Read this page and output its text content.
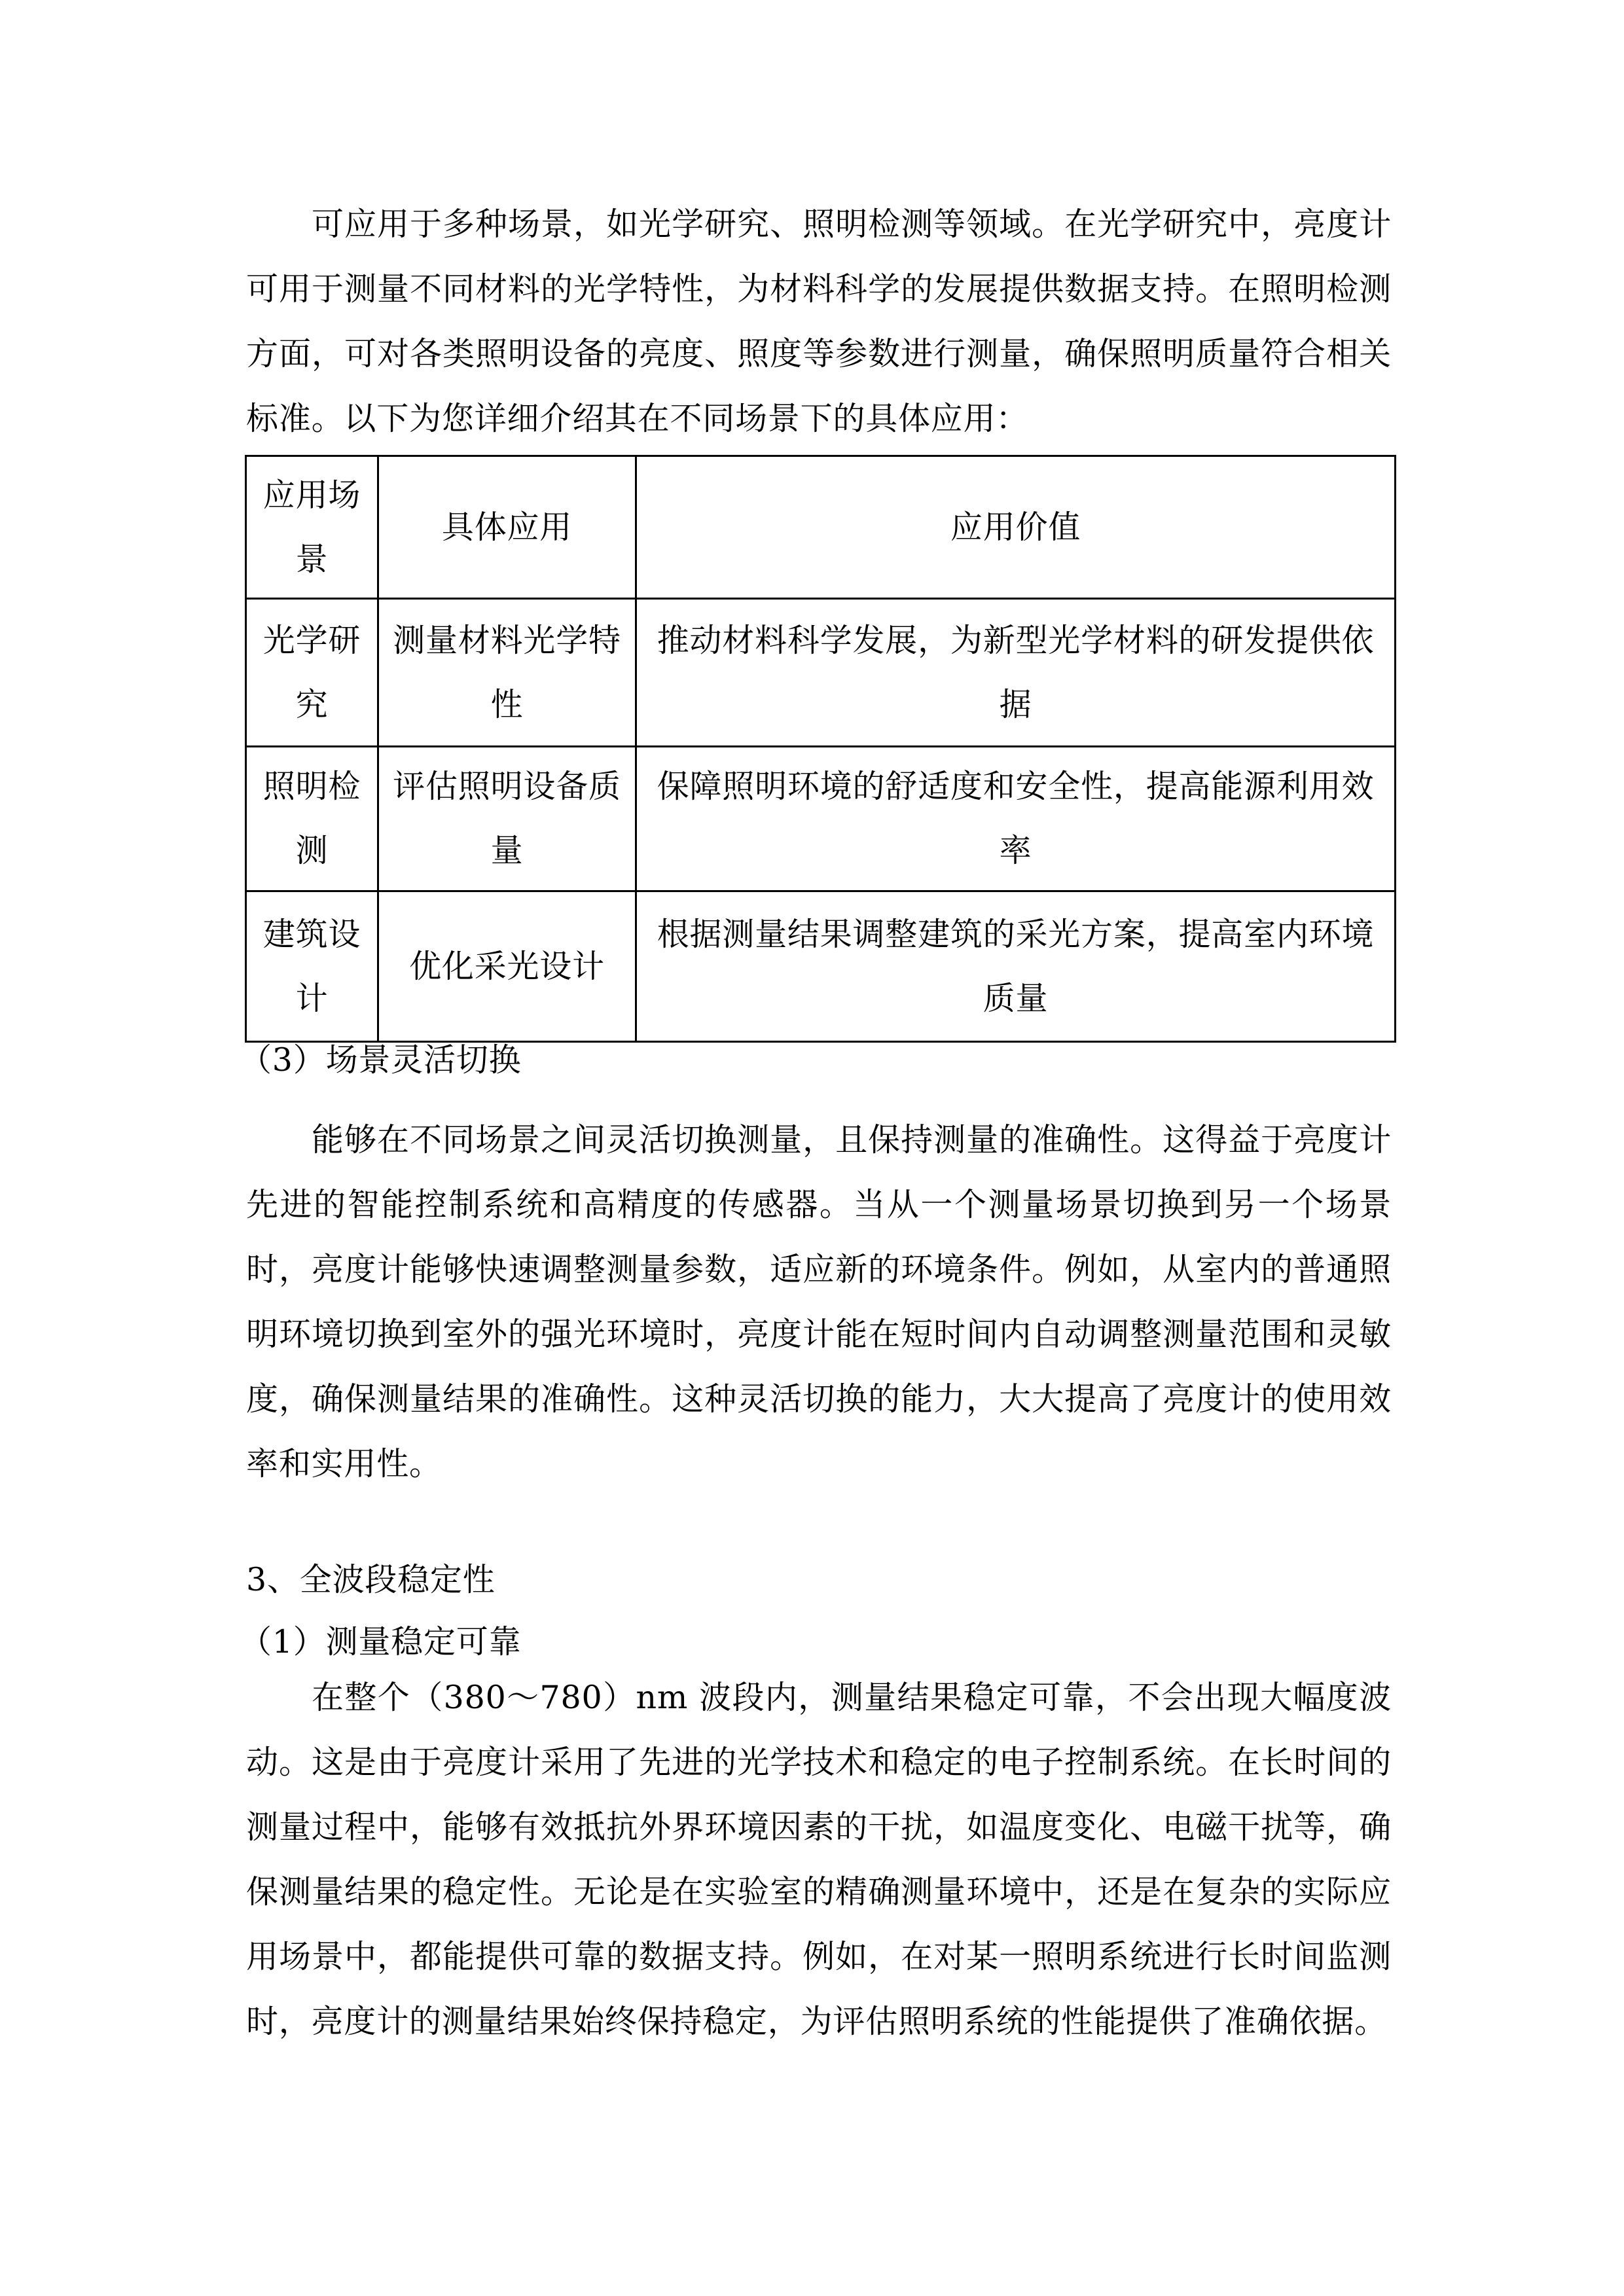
可应用于多种场景，如光学研究、照明检测等领域。在光学研究中，亮度计可用于测量不同材料的光学特性，为材料科学的发展提供数据支持。在照明检测方面，可对各类照明设备的亮度、照度等参数进行测量，确保照明质量符合相关标准。以下为您详细介绍其在不同场景下的具体应用：
应用场景	具体应用	应用价值

光学研究	测量材料光学特性	推动材料科学发展，为新型光学材料的研发提供依据

照明检测	评估照明设备质量	保障照明环境的舒适度和安全性，提高能源利用效率

建筑设计	优化采光设计	根据测量结果调整建筑的采光方案，提高室内环境质量
（3）场景灵活切换
能够在不同场景之间灵活切换测量，且保持测量的准确性。这得益于亮度计先进的智能控制系统和高精度的传感器。当从一个测量场景切换到另一个场景时，亮度计能够快速调整测量参数，适应新的环境条件。例如，从室内的普通照明环境切换到室外的强光环境时，亮度计能在短时间内自动调整测量范围和灵敏度，确保测量结果的准确性。这种灵活切换的能力，大大提高了亮度计的使用效率和实用性。
3、全波段稳定性
（1）测量稳定可靠
在整个（380～780）nm 波段内，测量结果稳定可靠，不会出现大幅度波动。这是由于亮度计采用了先进的光学技术和稳定的电子控制系统。在长时间的测量过程中，能够有效抵抗外界环境因素的干扰，如温度变化、电磁干扰等，确保测量结果的稳定性。无论是在实验室的精确测量环境中，还是在复杂的实际应用场景中，都能提供可靠的数据支持。例如，在对某一照明系统进行长时间监测时，亮度计的测量结果始终保持稳定，为评估照明系统的性能提供了准确依据。
